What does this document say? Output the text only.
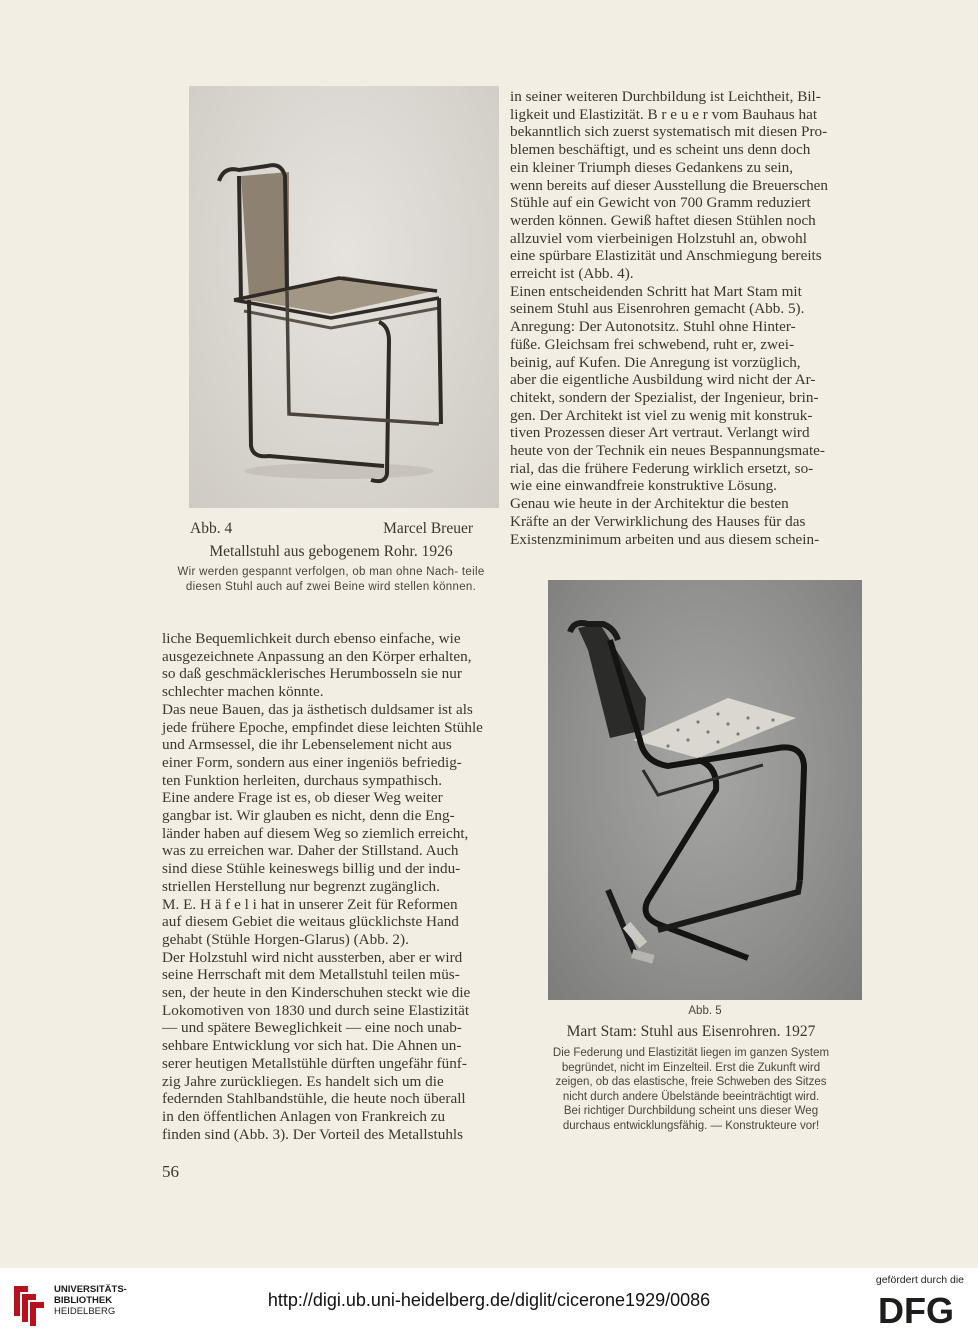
in seiner weiteren Durchbildung ist Leichtheit, Bil-

ligkeit und Elastizität. B r e u e r vom Bauhaus hat

bekanntlich sich zuerst systematisch mit diesen Pro-

blemen beschäftigt, und es scheint uns denn doch

ein kleiner Triumph dieses Gedankens zu sein,

wenn bereits auf dieser Ausstellung die Breuerschen

Stühle auf ein Gewicht von 700 Gramm reduziert

werden können. Gewiß haftet diesen Stühlen noch

allzuviel vom vierbeinigen Holzstuhl an, obwohl

eine spürbare Elastizität und Anschmiegung bereits

erreicht ist (Abb. 4).

Einen entscheidenden Schritt hat Mart Stam mit

seinem Stuhl aus Eisenrohren gemacht (Abb. 5).

Anregung: Der Autonotsitz. Stuhl ohne Hinter-

füße. Gleichsam frei schwebend, ruht er, zwei-

beinig, auf Kufen. Die Anregung ist vorzüglich,

aber die eigentliche Ausbildung wird nicht der Ar-

chitekt, sondern der Spezialist, der Ingenieur, brin-

gen. Der Architekt ist viel zu wenig mit konstruk-

tiven Prozessen dieser Art vertraut. Verlangt wird

heute von der Technik ein neues Bespannungsmate-

rial, das die frühere Federung wirklich ersetzt, so-

wie eine einwandfreie konstruktive Lösung.

Genau wie heute in der Architektur die besten

Kräfte an der Verwirklichung des Hauses für das

Existenzminimum arbeiten und aus diesem schein-

Abb. 4	Marcel Breuer
Metallstuhl aus gebogenem Rohr. 1926
Wir werden gespannt verfolgen, ob man ohne Nach- teile diesen Stuhl auch auf zwei Beine wird stellen können.

liche Bequemlichkeit durch ebenso einfache, wie

ausgezeichnete Anpassung an den Körper erhalten,

so daß geschmäcklerisches Herumbosseln sie nur

schlechter machen könnte.

Das neue Bauen, das ja ästhetisch duldsamer ist als

jede frühere Epoche, empfindet diese leichten Stühle

und Armsessel, die ihr Lebenselement nicht aus

einer Form, sondern aus einer ingeniös befriedig-

ten Funktion herleiten, durchaus sympathisch.

Eine andere Frage ist es, ob dieser Weg weiter

gangbar ist. Wir glauben es nicht, denn die Eng-

länder haben auf diesem Weg so ziemlich erreicht,

was zu erreichen war. Daher der Stillstand. Auch

sind diese Stühle keineswegs billig und der indu-

striellen Herstellung nur begrenzt zugänglich.

M. E. H ä f e l i hat in unserer Zeit für Reformen

auf diesem Gebiet die weitaus glücklichste Hand

gehabt (Stühle Horgen-Glarus) (Abb. 2).

Der Holzstuhl wird nicht aussterben, aber er wird

seine Herrschaft mit dem Metallstuhl teilen müs-

sen, der heute in den Kinderschuhen steckt wie die

Lokomotiven von 1830 und durch seine Elastizität

— und spätere Beweglichkeit — eine noch unab-

sehbare Entwicklung vor sich hat. Die Ahnen un-

serer heutigen Metallstühle dürften ungefähr fünf-

zig Jahre zurückliegen. Es handelt sich um die

federnden Stahlbandstühle, die heute noch überall

in den öffentlichen Anlagen von Frankreich zu

finden sind (Abb. 3). Der Vorteil des Metallstuhls

Abb. 5
Mart Stam: Stuhl aus Eisenrohren. 1927
Die Federung und Elastizität liegen im ganzen System
begründet, nicht im Einzelteil. Erst die Zukunft wird
zeigen, ob das elastische, freie Schweben des Sitzes
nicht durch andere Übelstände beeinträchtigt wird.
Bei richtiger Durchbildung scheint uns dieser Weg
durchaus entwicklungsfähig. — Konstrukteure vor!
56
UNIVERSITÄTS-
BIBLIOTHEK
HEIDELBERG
http://digi.ub.uni-heidelberg.de/diglit/cicerone1929/0086
gefördert durch die
DFG
